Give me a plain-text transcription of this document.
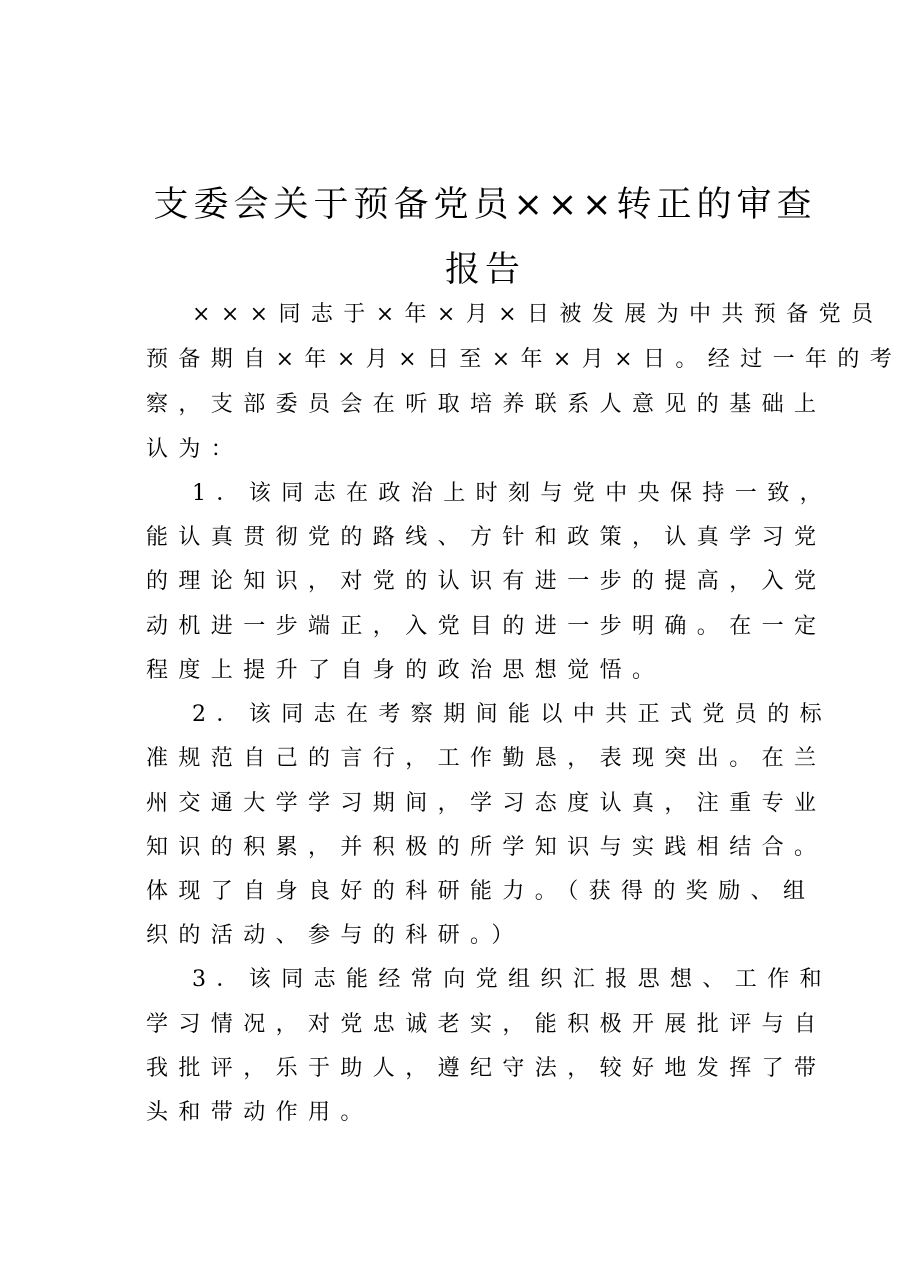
支委会关于预备党员×××转正的审查
报告

×××同志于×年×月×日被发展为中共预备党员

预备期自×年×月×日至×年×月×日。经过一年的考

察，支部委员会在听取培养联系人意见的基础上

认为：

1．该同志在政治上时刻与党中央保持一致，

能认真贯彻党的路线、方针和政策，认真学习党

的理论知识，对党的认识有进一步的提高，入党

动机进一步端正，入党目的进一步明确。在一定

程度上提升了自身的政治思想觉悟。

2．该同志在考察期间能以中共正式党员的标

准规范自己的言行，工作勤恳，表现突出。在兰

州交通大学学习期间，学习态度认真，注重专业

知识的积累，并积极的所学知识与实践相结合。

体现了自身良好的科研能力。（获得的奖励、组

织的活动、参与的科研。）

3．该同志能经常向党组织汇报思想、工作和

学习情况，对党忠诚老实，能积极开展批评与自

我批评，乐于助人，遵纪守法，较好地发挥了带

头和带动作用。
